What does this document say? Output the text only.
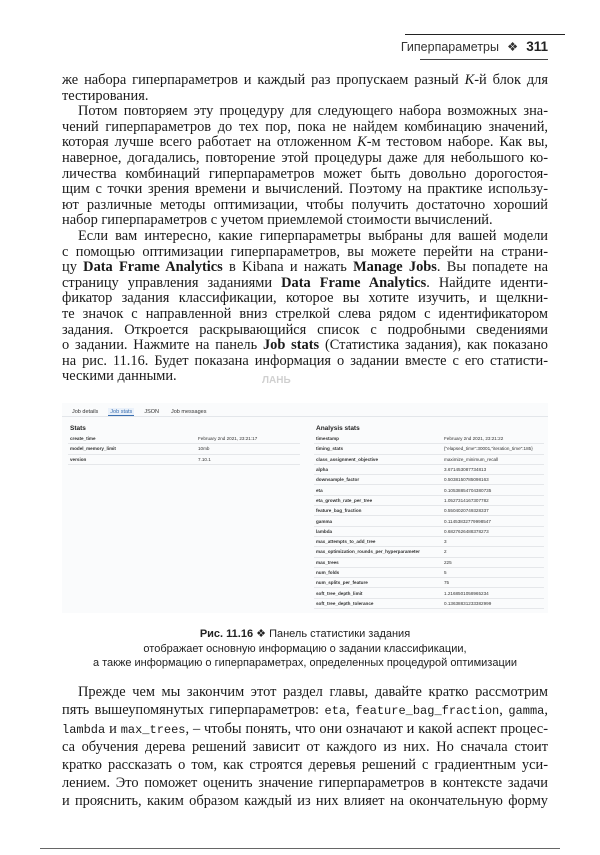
Гиперпараметры ❖ 311
же набора гиперпараметров и каждый раз пропускаем разный K-й блок для
тестирования.
Потом повторяем эту процедуру для следующего набора возможных зна-
чений гиперпараметров до тех пор, пока не найдем комбинацию значений,
которая лучше всего работает на отложенном K-м тестовом наборе. Как вы,
наверное, догадались, повторение этой процедуры даже для небольшого ко-
личества комбинаций гиперпараметров может быть довольно дорогостоя-
щим с точки зрения времени и вычислений. Поэтому на практике использу-
ют различные методы оптимизации, чтобы получить достаточно хороший
набор гиперпараметров с учетом приемлемой стоимости вычислений.
Если вам интересно, какие гиперпараметры выбраны для вашей модели
с помощью оптимизации гиперпараметров, вы можете перейти на страни-
цу Data Frame Analytics в Kibana и нажать Manage Jobs. Вы попадете на
страницу управления заданиями Data Frame Analytics. Найдите иденти-
фикатор задания классификации, которое вы хотите изучить, и щелкни-
те значок с направленной вниз стрелкой слева рядом с идентификатором
задания. Откроется раскрывающийся список с подробными сведениями
о задании. Нажмите на панель Job stats (Статистика задания), как показано
на рис. 11.16. Будет показана информация о задании вместе с его статисти-
ческими данными.
Job details	Job stats	JSON	Job messages
Stats
create_time	February 2nd 2021, 23:21:17
model_memory_limit	10mb
version	7.10.1
Analysis stats
timestamp	February 2nd 2021, 23:21:22
timing_stats	{"elapsed_time":30001,"iteration_time":185}
class_assignment_objective	maximize_minimum_recall
alpha	3.671453087734813
downsample_factor	0.5038150785098163
eta	0.10538854704380735
eta_growth_rate_per_tree	1.0527314167307782
feature_bag_fraction	0.5504020749328337
gamma	0.11453832779998547
lambda	0.6827626488378273
max_attempts_to_add_tree	3
max_optimization_rounds_per_hyperparameter	2
max_trees	225
num_folds	5
num_splits_per_feature	75
soft_tree_depth_limit	1.2168501058965234
soft_tree_depth_tolerance	0.13638831233382999
ЛАНЬ
Рис. 11.16 ❖ Панель статистики задания
отображает основную информацию о задании классификации,
а также информацию о гиперпараметрах, определенных процедурой оптимизации
Прежде чем мы закончим этот раздел главы, давайте кратко рассмотрим
пять вышеупомянутых гиперпараметров: eta, feature_bag_fraction, gamma,
lambda и max_trees, – чтобы понять, что они означают и какой аспект процес-
са обучения дерева решений зависит от каждого из них. Но сначала стоит
кратко рассказать о том, как строятся деревья решений с градиентным уси-
лением. Это поможет оценить значение гиперпараметров в контексте задачи
и прояснить, каким образом каждый из них влияет на окончательную форму
